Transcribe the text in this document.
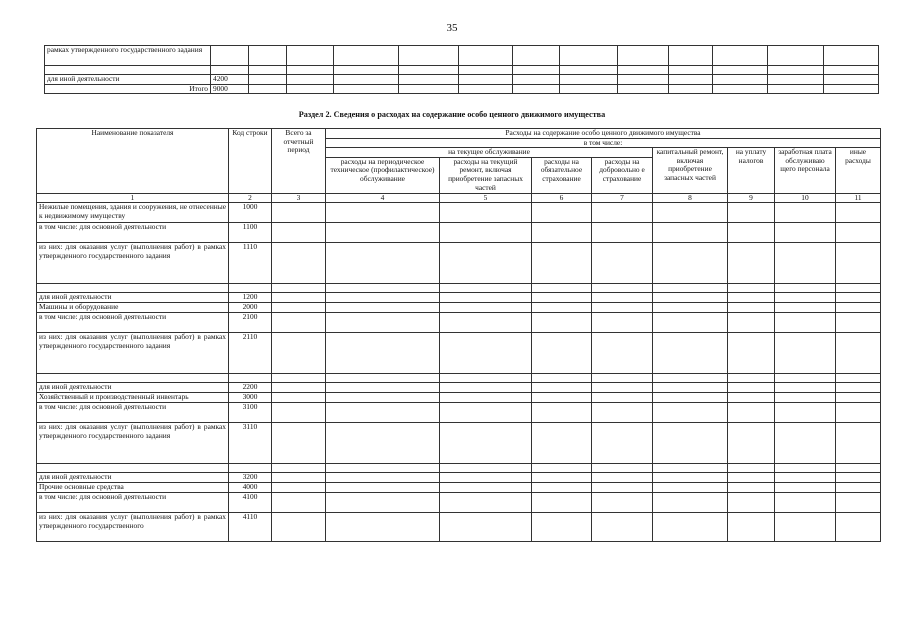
35
рамках утвержденного государственного задания													

для иной деятельности	4200												
Итого	9000												
Раздел 2. Сведения о расходах на содержание особо ценного движимого имущества
Наименование показателя	Код строки	Всего за отчетный период	Расходы на содержание особо ценного движимого имущества							
			в том числе:							
			на текущее обслуживание				капитальный ремонт, включая приобретение запасных частей	на уплату налогов	заработная плата обслуживаю щего персонала	иные расходы
			расходы на периодическое техническое (профилактическое) обслуживание	расходы на текущий ремонт, включая приобретение запасных частей	расходы на обязательное страхование	расходы на добровольно е страхование				
1	2	3	4	5	6	7	8	9	10	11
Нежилые помещения, здания и сооружения, не отнесенные к недвижимому имуществу	1000									
в том числе: для основной деятельности	1100									
из них: для оказания услуг (выполнения работ) в рамках утвержденного государственного задания	1110									

для иной деятельности	1200									
Машины и оборудование	2000									
в том числе: для основной деятельности	2100									
из них: для оказания услуг (выполнения работ) в рамках утвержденного государственного задания	2110									

для иной деятельности	2200									
Хозяйственный и производственный инвентарь	3000									
в том числе: для основной деятельности	3100									
из них: для оказания услуг (выполнения работ) в рамках утвержденного государственного задания	3110									

для иной деятельности	3200									
Прочие основные средства	4000									
в том числе: для основной деятельности	4100									
из них: для оказания услуг (выполнения работ) в рамках утвержденного государственного	4110									
